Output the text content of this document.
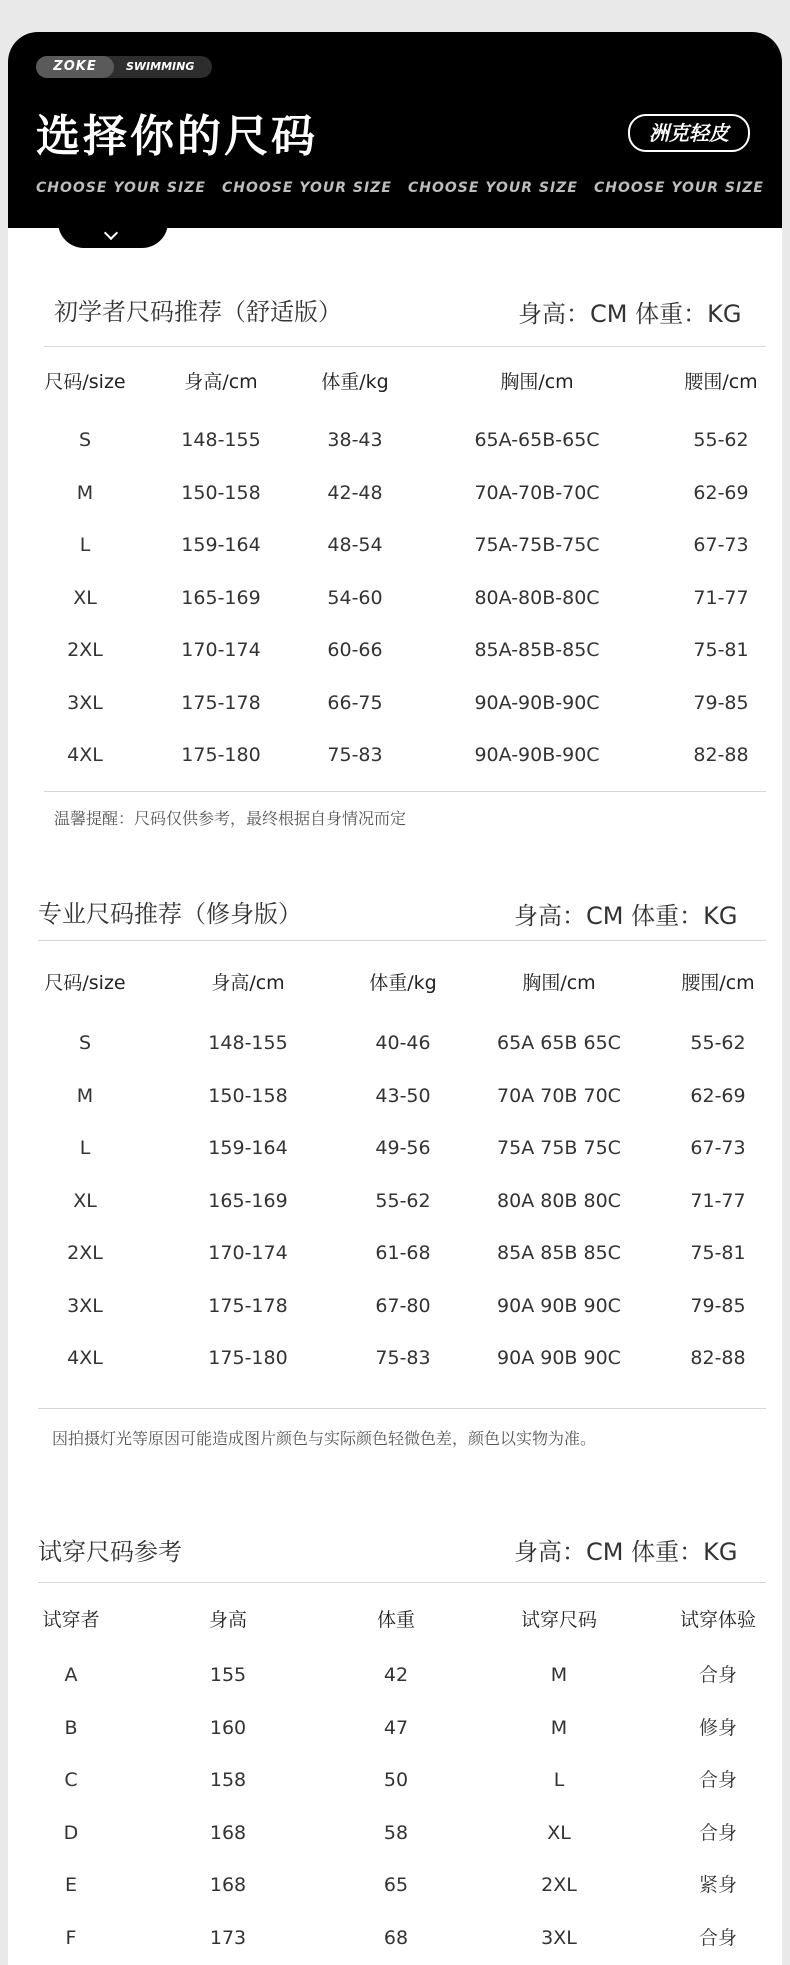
ZOKE	SWIMMING
选择你的尺码	洲克轻皮
CHOOSE YOUR SIZE CHOOSE YOUR SIZE CHOOSE YOUR SIZE CHOOSE YOUR SIZE
初学者尺码推荐（舒适版）	身高：CM 体重：KG
尺码/size	身高/cm	体重/kg	胸围/cm	腰围/cm
S	148-155	38-43	65A-65B-65C	55-62
M	150-158	42-48	70A-70B-70C	62-69
L	159-164	48-54	75A-75B-75C	67-73
XL	165-169	54-60	80A-80B-80C	71-77
2XL	170-174	60-66	85A-85B-85C	75-81
3XL	175-178	66-75	90A-90B-90C	79-85
4XL	175-180	75-83	90A-90B-90C	82-88
温馨提醒：尺码仅供参考，最终根据自身情况而定
专业尺码推荐（修身版）	身高：CM 体重：KG
尺码/size	身高/cm	体重/kg	胸围/cm	腰围/cm
S	148-155	40-46	65A 65B 65C	55-62
M	150-158	43-50	70A 70B 70C	62-69
L	159-164	49-56	75A 75B 75C	67-73
XL	165-169	55-62	80A 80B 80C	71-77
2XL	170-174	61-68	85A 85B 85C	75-81
3XL	175-178	67-80	90A 90B 90C	79-85
4XL	175-180	75-83	90A 90B 90C	82-88
因拍摄灯光等原因可能造成图片颜色与实际颜色轻微色差，颜色以实物为准。
试穿尺码参考	身高：CM 体重：KG
试穿者	身高	体重	试穿尺码	试穿体验
A	155	42	M	合身
B	160	47	M	修身
C	158	50	L	合身
D	168	58	XL	合身
E	168	65	2XL	紧身
F	173	68	3XL	合身
